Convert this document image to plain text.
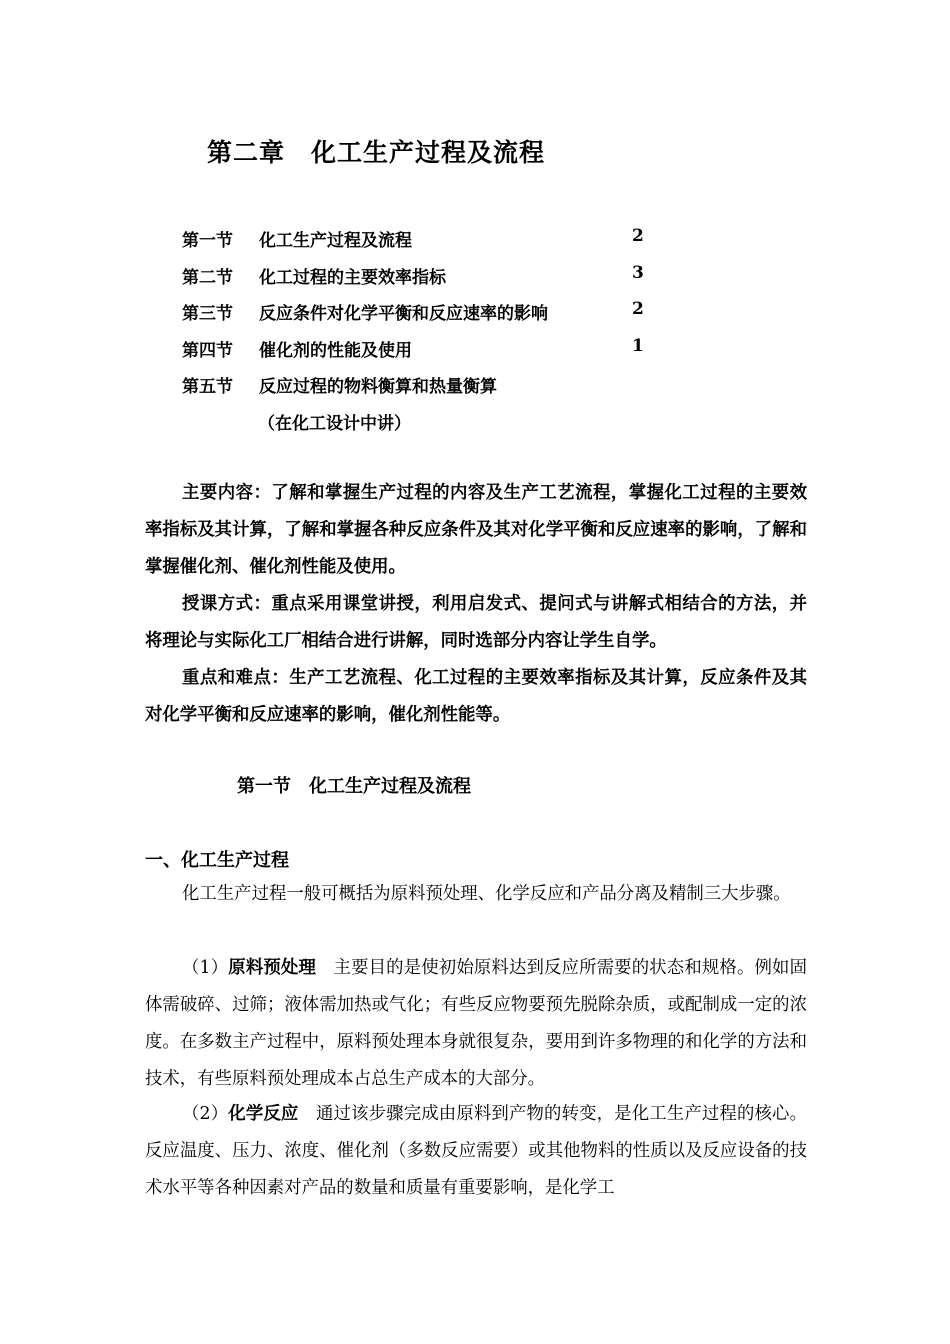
第二章　化工生产过程及流程
第一节 化工生产过程及流程	2
第二节 化工过程的主要效率指标	3
第三节 反应条件对化学平衡和反应速率的影响	2
第四节 催化剂的性能及使用	1
第五节 反应过程的物料衡算和热量衡算
（在化工设计中讲）

主要内容：了解和掌握生产过程的内容及生产工艺流程，掌握化工过程的主要效率指标及其计算，了解和掌握各种反应条件及其对化学平衡和反应速率的影响，了解和掌握催化剂、催化剂性能及使用。

授课方式：重点采用课堂讲授，利用启发式、提问式与讲解式相结合的方法，并将理论与实际化工厂相结合进行讲解，同时选部分内容让学生自学。

重点和难点：生产工艺流程、化工过程的主要效率指标及其计算，反应条件及其对化学平衡和反应速率的影响，催化剂性能等。

第一节　化工生产过程及流程
一、化工生产过程

化工生产过程一般可概括为原料预处理、化学反应和产品分离及精制三大步骤。

（1）原料预处理　主要目的是使初始原料达到反应所需要的状态和规格。例如固体需破碎、过筛；液体需加热或气化；有些反应物要预先脱除杂质，或配制成一定的浓度。在多数主产过程中，原料预处理本身就很复杂，要用到许多物理的和化学的方法和技术，有些原料预处理成本占总生产成本的大部分。

（2）化学反应　通过该步骤完成由原料到产物的转变，是化工生产过程的核心。反应温度、压力、浓度、催化剂（多数反应需要）或其他物料的性质以及反应设备的技术水平等各种因素对产品的数量和质量有重要影响，是化学工
